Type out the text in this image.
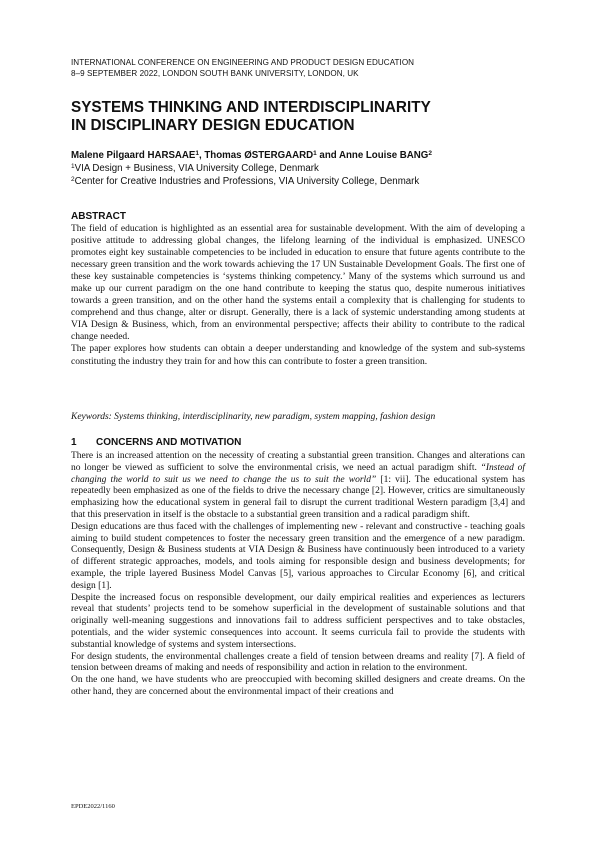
INTERNATIONAL CONFERENCE ON ENGINEERING AND PRODUCT DESIGN EDUCATION
8–9 SEPTEMBER 2022, LONDON SOUTH BANK UNIVERSITY, LONDON, UK
SYSTEMS THINKING AND INTERDISCIPLINARITY
IN DISCIPLINARY DESIGN EDUCATION
Malene Pilgaard HARSAAE$^1$, Thomas ØSTERGAARD$^1$ and Anne Louise BANG$^2$
$^1$VIA Design + Business, VIA University College, Denmark
$^2$Center for Creative Industries and Professions, VIA University College, Denmark
ABSTRACT

The field of education is highlighted as an essential area for sustainable development. With the aim of developing a positive attitude to addressing global changes, the lifelong learning of the individual is emphasized. UNESCO promotes eight key sustainable competencies to be included in education to ensure that future agents contribute to the necessary green transition and the work towards achieving the 17 UN Sustainable Development Goals. The first one of these key sustainable competencies is ‘systems thinking competency.’ Many of the systems which surround us and make up our current paradigm on the one hand contribute to keeping the status quo, despite numerous initiatives towards a green transition, and on the other hand the systems entail a complexity that is challenging for students to comprehend and thus change, alter or disrupt. Generally, there is a lack of systemic understanding among students at VIA Design & Business, which, from an environmental perspective; affects their ability to contribute to the radical change needed.

The paper explores how students can obtain a deeper understanding and knowledge of the system and sub-systems constituting the industry they train for and how this can contribute to foster a green transition.

Keywords: Systems thinking, interdisciplinarity, new paradigm, system mapping, fashion design
1 CONCERNS AND MOTIVATION

There is an increased attention on the necessity of creating a substantial green transition. Changes and alterations can no longer be viewed as sufficient to solve the environmental crisis, we need an actual paradigm shift. “Instead of changing the world to suit us we need to change the us to suit the world” [1: vii]. The educational system has repeatedly been emphasized as one of the fields to drive the necessary change [2]. However, critics are simultaneously emphasizing how the educational system in general fail to disrupt the current traditional Western paradigm [3,4] and that this preservation in itself is the obstacle to a substantial green transition and a radical paradigm shift.

Design educations are thus faced with the challenges of implementing new - relevant and constructive - teaching goals aiming to build student competences to foster the necessary green transition and the emergence of a new paradigm. Consequently, Design & Business students at VIA Design & Business have continuously been introduced to a variety of different strategic approaches, models, and tools aiming for responsible design and business developments; for example, the triple layered Business Model Canvas [5], various approaches to Circular Economy [6], and critical design [1].

Despite the increased focus on responsible development, our daily empirical realities and experiences as lecturers reveal that students’ projects tend to be somehow superficial in the development of sustainable solutions and that originally well-meaning suggestions and innovations fail to address sufficient perspectives and to take obstacles, potentials, and the wider systemic consequences into account. It seems curricula fail to provide the students with substantial knowledge of systems and system intersections.

For design students, the environmental challenges create a field of tension between dreams and reality [7]. A field of tension between dreams of making and needs of responsibility and action in relation to the environment.

On the one hand, we have students who are preoccupied with becoming skilled designers and create dreams. On the other hand, they are concerned about the environmental impact of their creations and

EPDE2022/1160
